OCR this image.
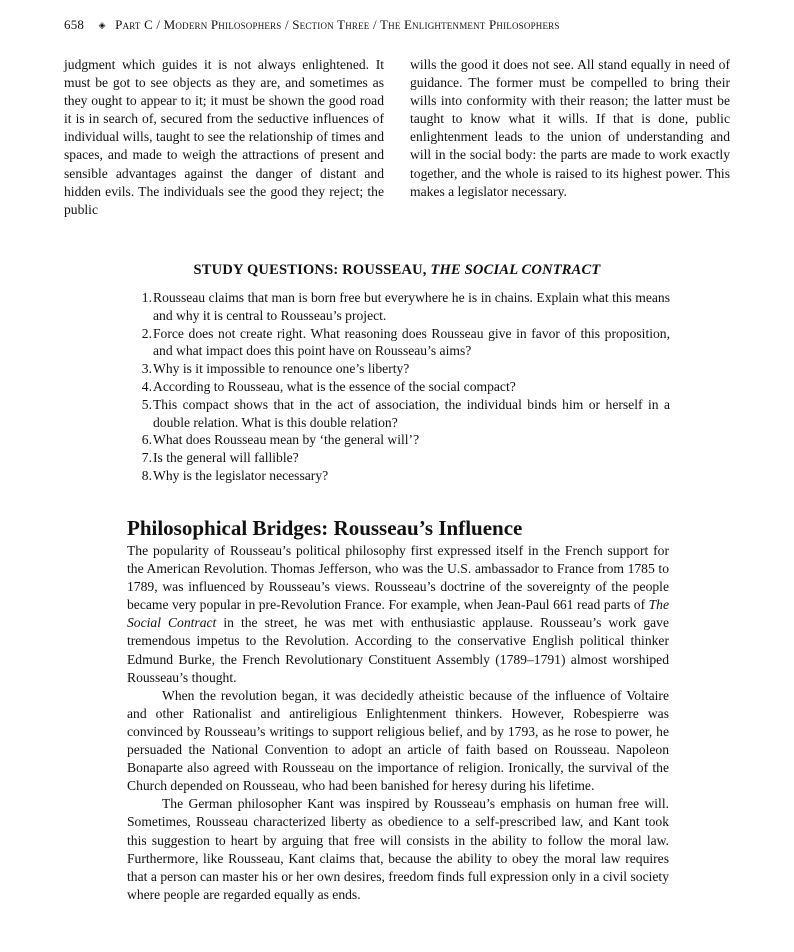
658 ◈ Part C / Modern Philosophers / Section Three / The Enlightenment Philosophers
judgment which guides it is not always enlightened. It must be got to see objects as they are, and sometimes as they ought to appear to it; it must be shown the good road it is in search of, secured from the seductive influences of individual wills, taught to see the relationship of times and spaces, and made to weigh the attractions of present and sensible advantages against the danger of distant and hidden evils. The individuals see the good they reject; the public
wills the good it does not see. All stand equally in need of guidance. The former must be compelled to bring their wills into conformity with their reason; the latter must be taught to know what it wills. If that is done, public enlightenment leads to the union of understanding and will in the social body: the parts are made to work exactly together, and the whole is raised to its highest power. This makes a legislator necessary.
STUDY QUESTIONS: ROUSSEAU, THE SOCIAL CONTRACT
1. Rousseau claims that man is born free but everywhere he is in chains. Explain what this means and why it is central to Rousseau’s project.
2. Force does not create right. What reasoning does Rousseau give in favor of this proposition, and what impact does this point have on Rousseau’s aims?
3. Why is it impossible to renounce one’s liberty?
4. According to Rousseau, what is the essence of the social compact?
5. This compact shows that in the act of association, the individual binds him or herself in a double relation. What is this double relation?
6. What does Rousseau mean by ‘the general will’?
7. Is the general will fallible?
8. Why is the legislator necessary?
Philosophical Bridges: Rousseau’s Influence

The popularity of Rousseau’s political philosophy first expressed itself in the French support for the American Revolution. Thomas Jefferson, who was the U.S. ambassador to France from 1785 to 1789, was influenced by Rousseau’s views. Rousseau’s doctrine of the sovereignty of the people became very popular in pre-Revolution France. For example, when Jean-Paul 661 read parts of The Social Contract in the street, he was met with enthusiastic applause. Rousseau’s work gave tremendous impetus to the Revolution. According to the conservative English political thinker Edmund Burke, the French Revolutionary Constituent Assembly (1789–1791) almost worshiped Rousseau’s thought.

When the revolution began, it was decidedly atheistic because of the influence of Voltaire and other Rationalist and antireligious Enlightenment thinkers. However, Robespierre was convinced by Rousseau’s writings to support religious belief, and by 1793, as he rose to power, he persuaded the National Convention to adopt an article of faith based on Rousseau. Napoleon Bonaparte also agreed with Rousseau on the importance of religion. Ironically, the survival of the Church depended on Rousseau, who had been banished for heresy during his lifetime.

The German philosopher Kant was inspired by Rousseau’s emphasis on human free will. Sometimes, Rousseau characterized liberty as obedience to a self-prescribed law, and Kant took this suggestion to heart by arguing that free will consists in the ability to follow the moral law. Furthermore, like Rousseau, Kant claims that, because the ability to obey the moral law requires that a person can master his or her own desires, freedom finds full expression only in a civil society where people are regarded equally as ends.
